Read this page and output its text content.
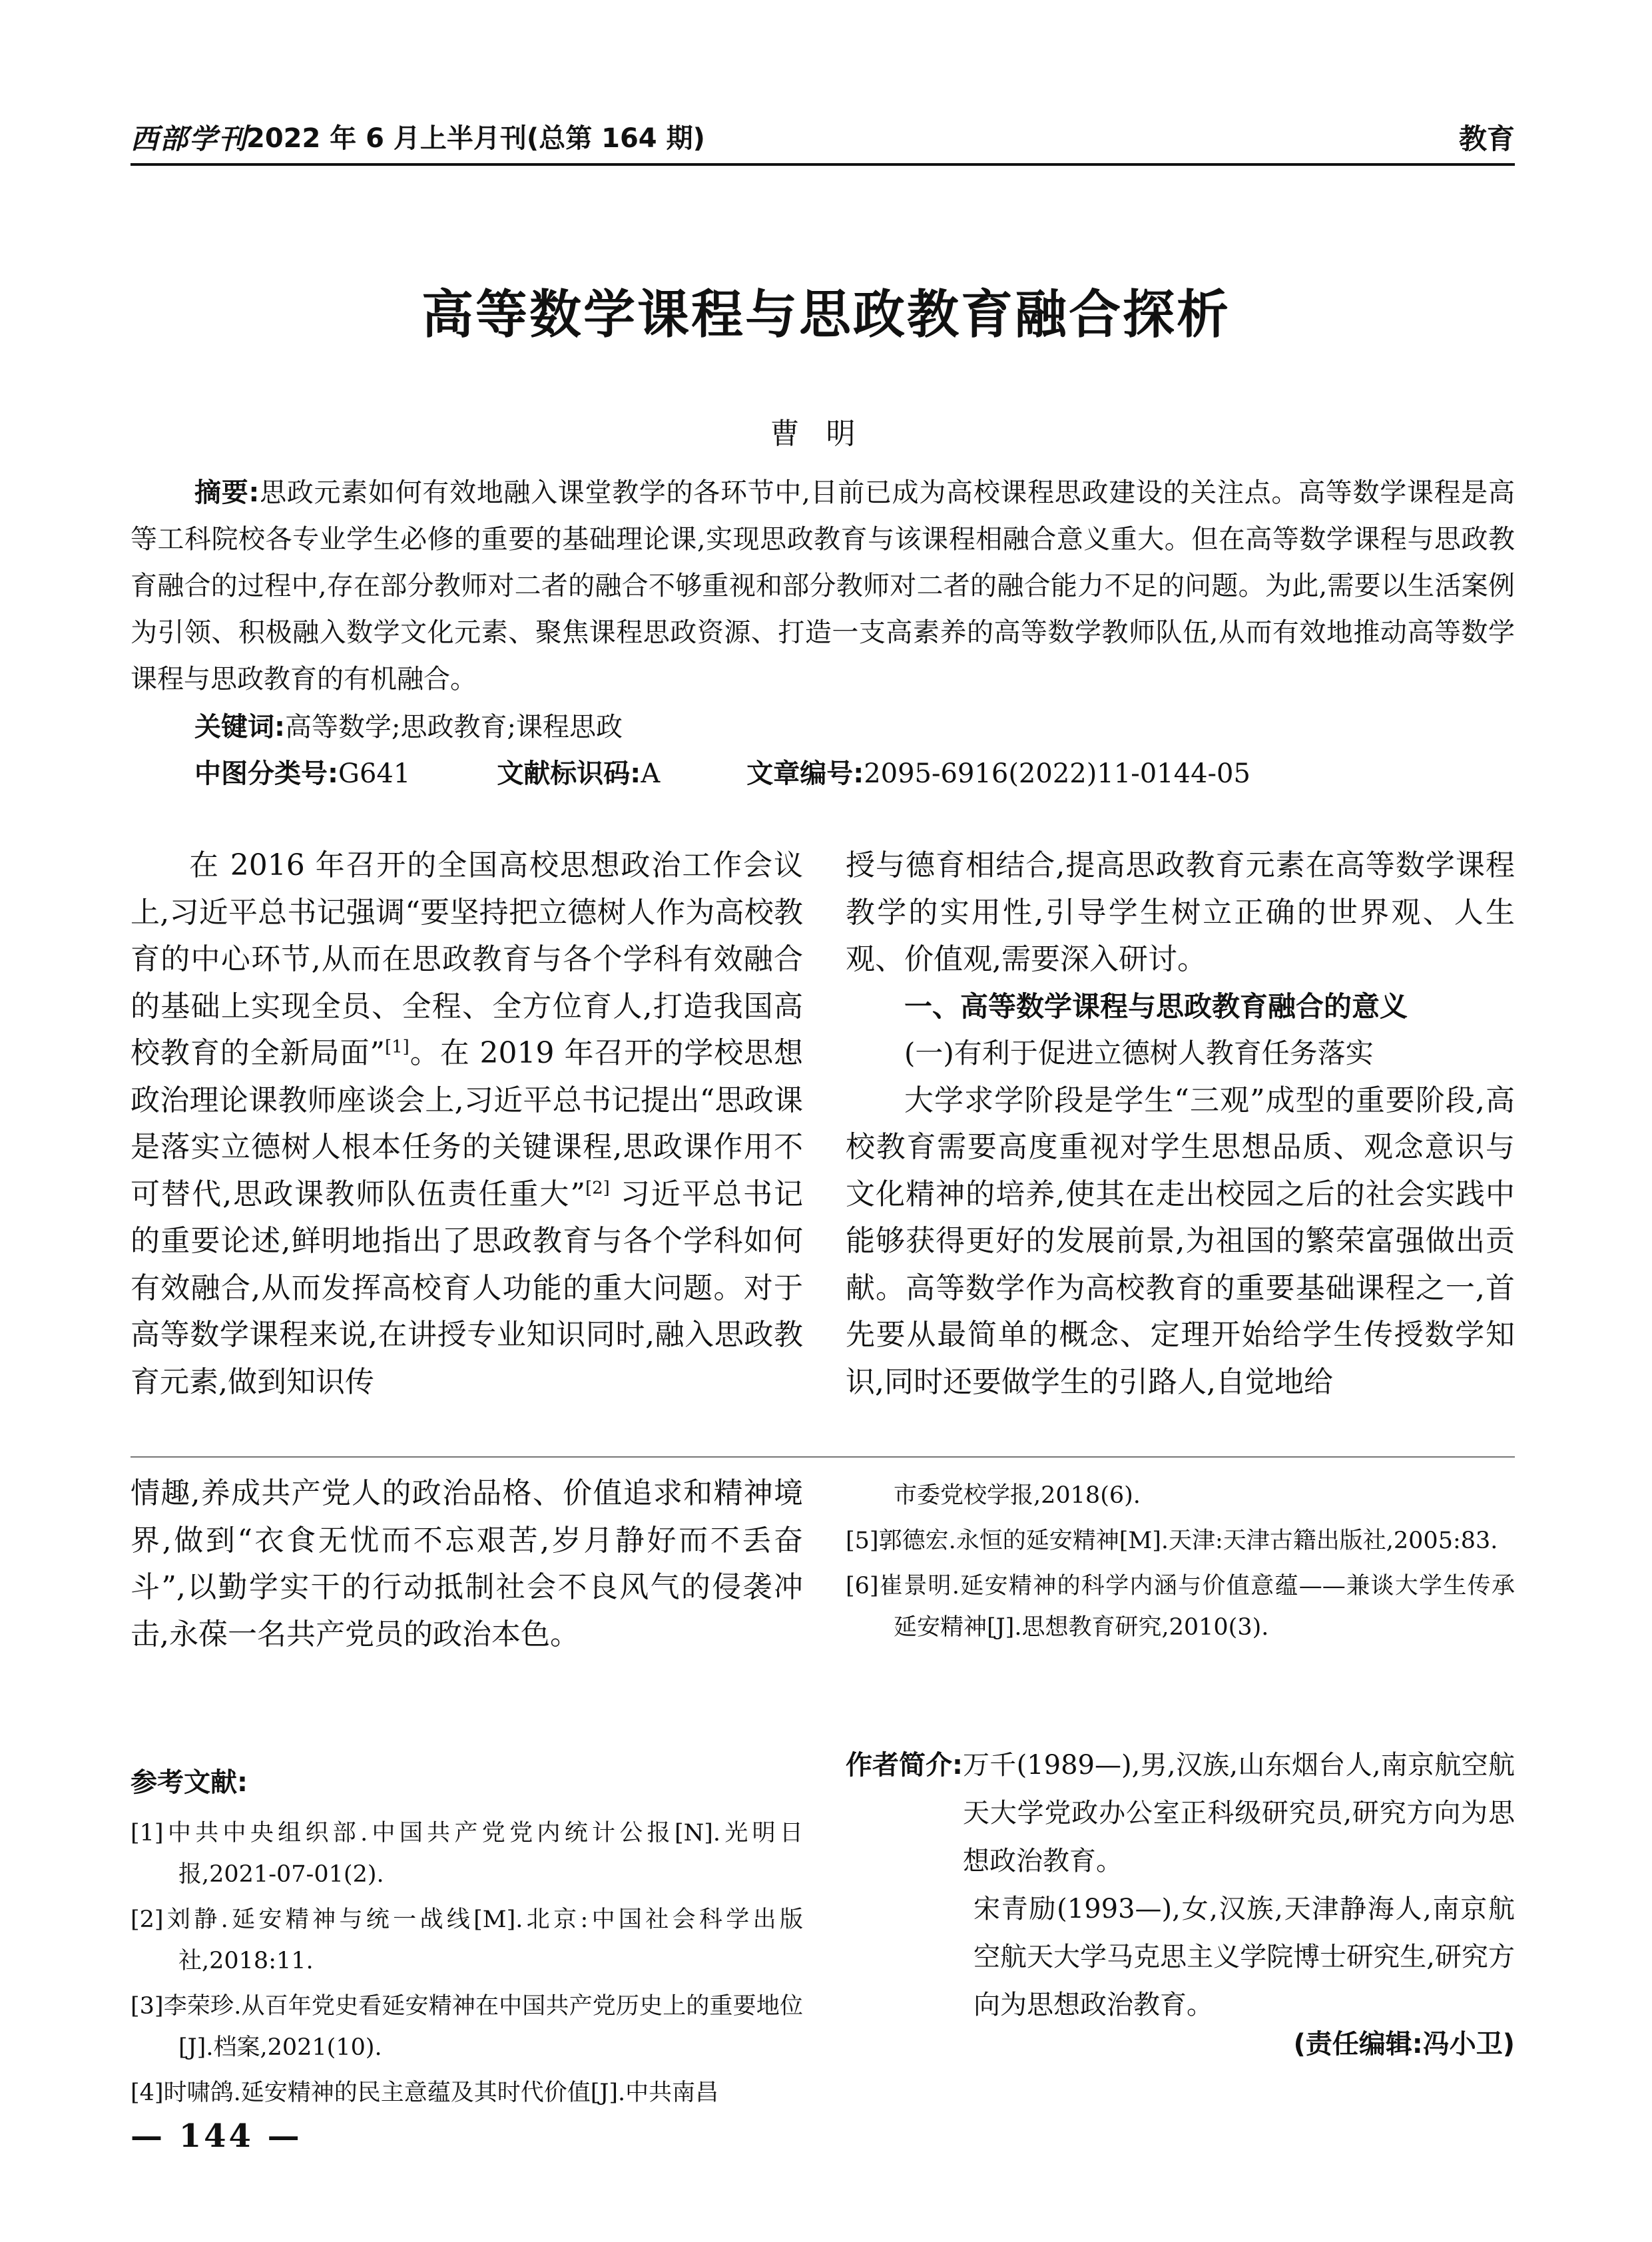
西部学刊
2022 年 6 月上半月刊(总第 164 期)	教育
高等数学课程与思政教育融合探析
曹明
摘要:思政元素如何有效地融入课堂教学的各环节中,目前已成为高校课程思政建设的关注点。高等数学课程是高等工科院校各专业学生必修的重要的基础理论课,实现思政教育与该课程相融合意义重大。但在高等数学课程与思政教育融合的过程中,存在部分教师对二者的融合不够重视和部分教师对二者的融合能力不足的问题。为此,需要以生活案例为引领、积极融入数学文化元素、聚焦课程思政资源、打造一支高素养的高等数学教师队伍,从而有效地推动高等数学课程与思政教育的有机融合。
关键词:高等数学;思政教育;课程思政
中图分类号:G641	文献标识码:A	文章编号:2095-6916(2022)11-0144-05

在 2016 年召开的全国高校思想政治工作会议上,习近平总书记强调“要坚持把立德树人作为高校教育的中心环节,从而在思政教育与各个学科有效融合的基础上实现全员、全程、全方位育人,打造我国高校教育的全新局面”[1]。在 2019 年召开的学校思想政治理论课教师座谈会上,习近平总书记提出“思政课是落实立德树人根本任务的关键课程,思政课作用不可替代,思政课教师队伍责任重大”[2] 习近平总书记的重要论述,鲜明地指出了思政教育与各个学科如何有效融合,从而发挥高校育人功能的重大问题。对于高等数学课程来说,在讲授专业知识同时,融入思政教育元素,做到知识传

授与德育相结合,提高思政教育元素在高等数学课程教学的实用性,引导学生树立正确的世界观、人生观、价值观,需要深入研讨。

一、高等数学课程与思政教育融合的意义
(一)有利于促进立德树人教育任务落实

大学求学阶段是学生“三观”成型的重要阶段,高校教育需要高度重视对学生思想品质、观念意识与文化精神的培养,使其在走出校园之后的社会实践中能够获得更好的发展前景,为祖国的繁荣富强做出贡献。高等数学作为高校教育的重要基础课程之一,首先要从最简单的概念、定理开始给学生传授数学知识,同时还要做学生的引路人,自觉地给

情趣,养成共产党人的政治品格、价值追求和精神境界,做到“衣食无忧而不忘艰苦,岁月静好而不丢奋斗”,以勤学实干的行动抵制社会不良风气的侵袭冲击,永葆一名共产党员的政治本色。

参考文献:

[1]中共中央组织部.中国共产党党内统计公报[N].光明日报,2021-07-01(2).

[2]刘静.延安精神与统一战线[M].北京:中国社会科学出版社,2018:11.

[3]李荣珍.从百年党史看延安精神在中国共产党历史上的重要地位[J].档案,2021(10).

[4]时啸鸽.延安精神的民主意蕴及其时代价值[J].中共南昌

市委党校学报,2018(6).

[5]郭德宏.永恒的延安精神[M].天津:天津古籍出版社,2005:83.

[6]崔景明.延安精神的科学内涵与价值意蕴——兼谈大学生传承延安精神[J].思想教育研究,2010(3).

作者简介: 万千(1989—),男,汉族,山东烟台人,南京航空航天大学党政办公室正科级研究员,研究方向为思想政治教育。
宋青励(1993—),女,汉族,天津静海人,南京航空航天大学马克思主义学院博士研究生,研究方向为思想政治教育。
(责任编辑:冯小卫)
— 144 —
